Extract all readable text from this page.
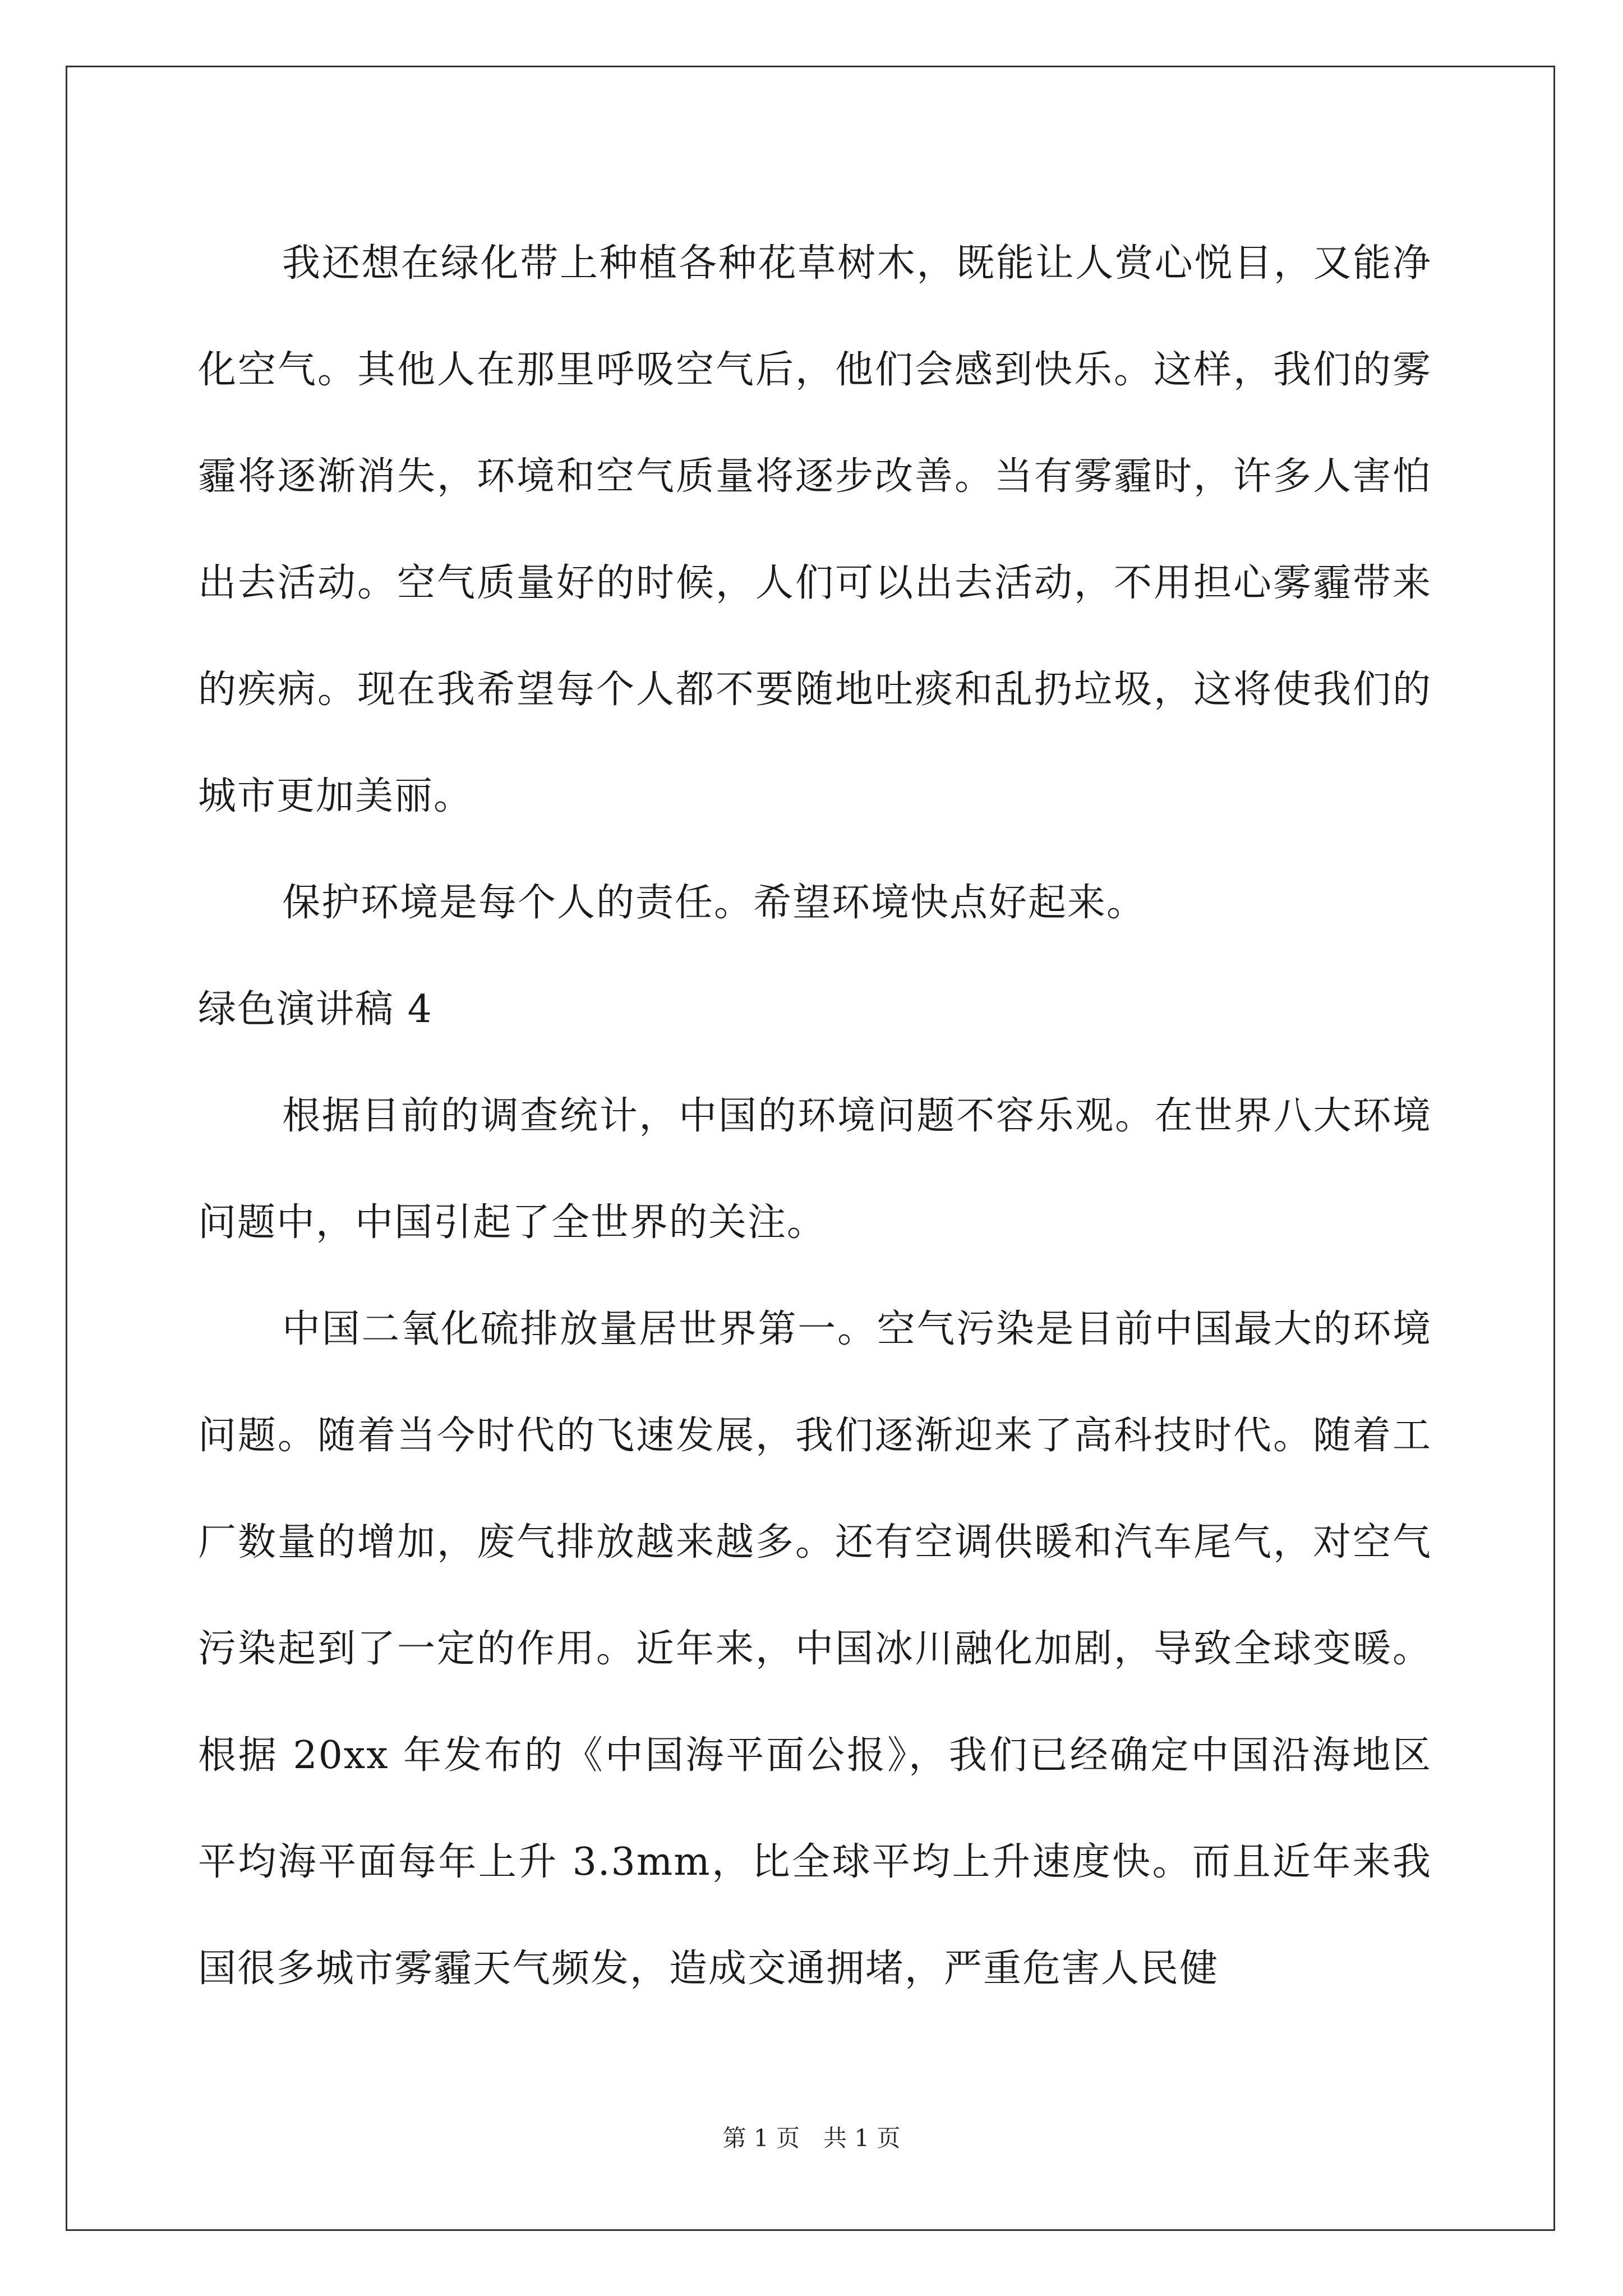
我还想在绿化带上种植各种花草树木，既能让人赏心悦目，又能净化空气。其他人在那里呼吸空气后，他们会感到快乐。这样，我们的雾霾将逐渐消失，环境和空气质量将逐步改善。当有雾霾时，许多人害怕出去活动。空气质量好的时候，人们可以出去活动，不用担心雾霾带来的疾病。现在我希望每个人都不要随地吐痰和乱扔垃圾，这将使我们的城市更加美丽。

保护环境是每个人的责任。希望环境快点好起来。

绿色演讲稿 4

根据目前的调查统计，中国的环境问题不容乐观。在世界八大环境问题中，中国引起了全世界的关注。

中国二氧化硫排放量居世界第一。空气污染是目前中国最大的环境问题。随着当今时代的飞速发展，我们逐渐迎来了高科技时代。随着工厂数量的增加，废气排放越来越多。还有空调供暖和汽车尾气，对空气污染起到了一定的作用。近年来，中国冰川融化加剧，导致全球变暖。根据 20xx 年发布的《中国海平面公报》，我们已经确定中国沿海地区平均海平面每年上升 3.3mm，比全球平均上升速度快。而且近年来我国很多城市雾霾天气频发，造成交通拥堵，严重危害人民健

第 1 页　共 1 页
